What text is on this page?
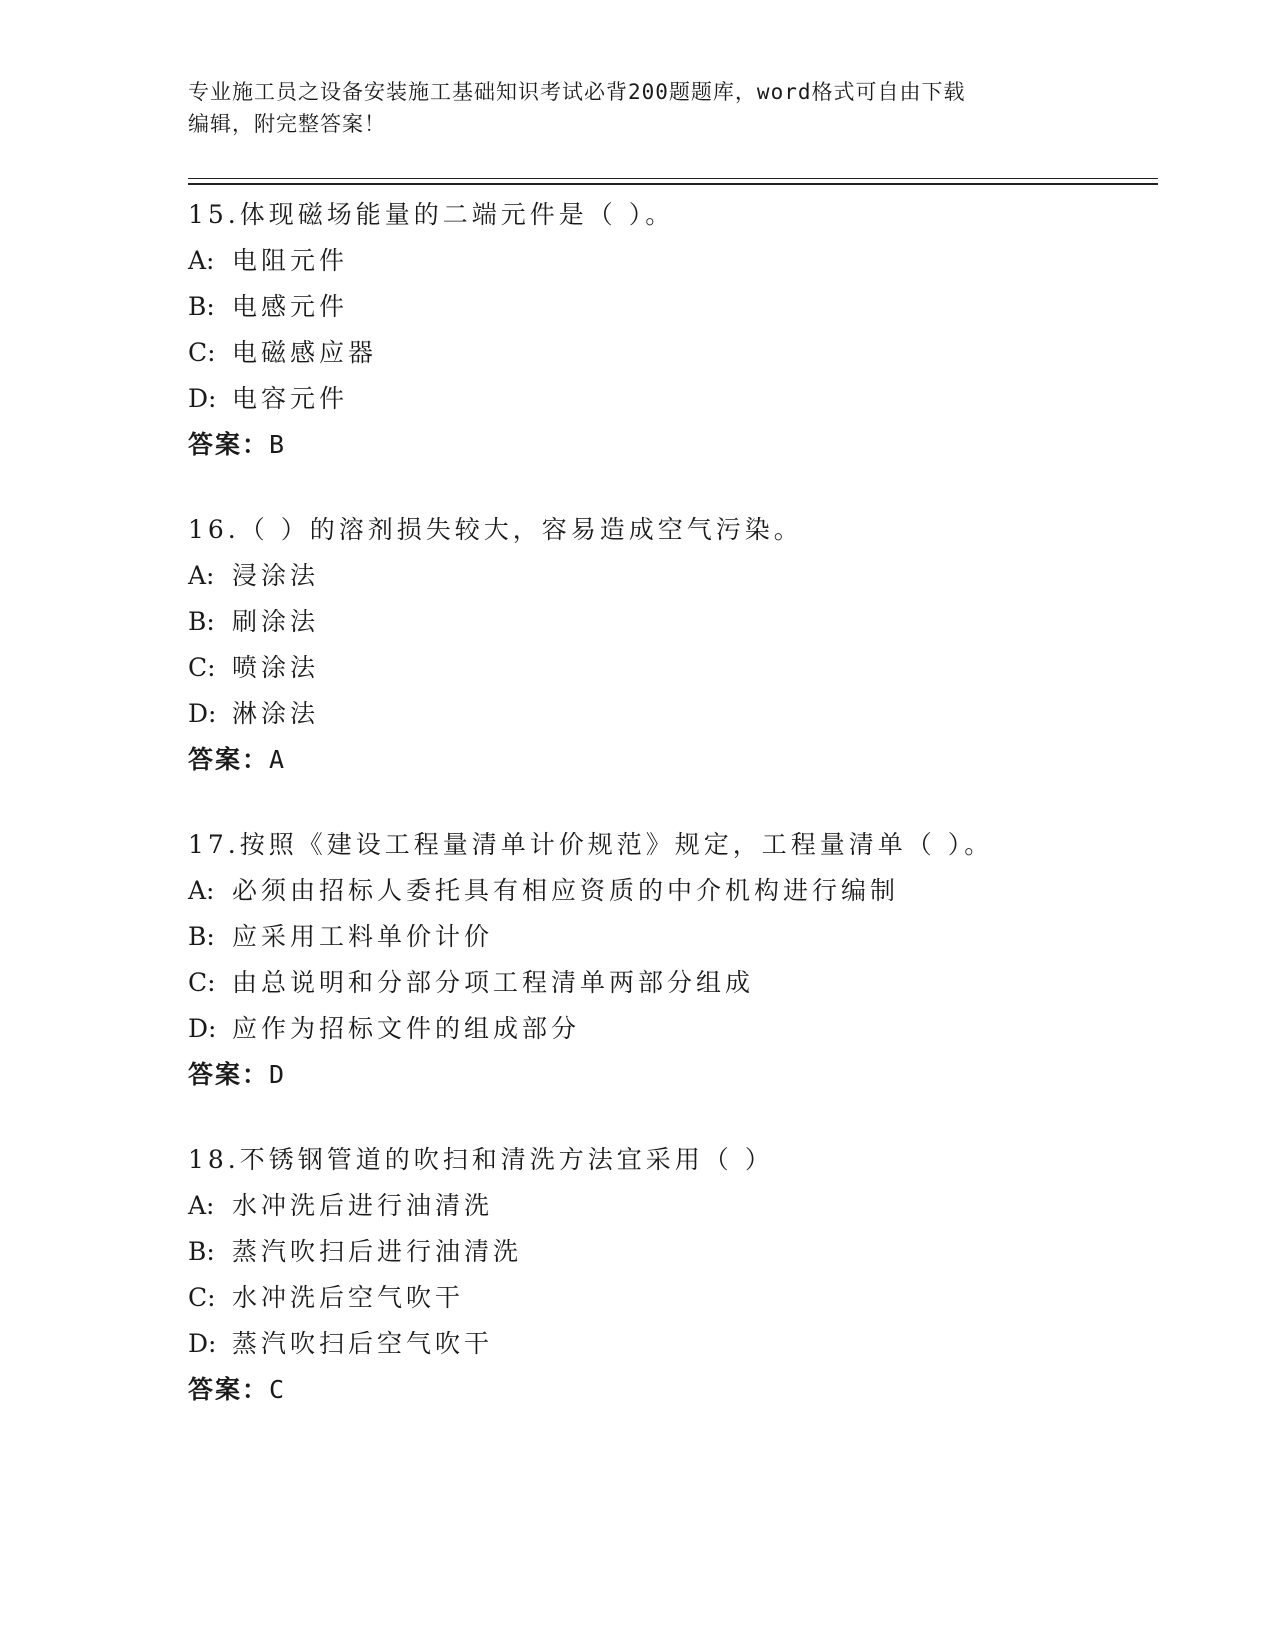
专业施工员之设备安装施工基础知识考试必背200题题库，word格式可自由下载
编辑，附完整答案！
15.体现磁场能量的二端元件是（ ）。
A: 电阻元件
B: 电感元件
C: 电磁感应器
D: 电容元件
答案：B
16.（ ）的溶剂损失较大，容易造成空气污染。
A: 浸涂法
B: 刷涂法
C: 喷涂法
D: 淋涂法
答案：A
17.按照《建设工程量清单计价规范》规定，工程量清单（ ）。
A: 必须由招标人委托具有相应资质的中介机构进行编制
B: 应采用工料单价计价
C: 由总说明和分部分项工程清单两部分组成
D: 应作为招标文件的组成部分
答案：D
18.不锈钢管道的吹扫和清洗方法宜采用（ ）
A: 水冲洗后进行油清洗
B: 蒸汽吹扫后进行油清洗
C: 水冲洗后空气吹干
D: 蒸汽吹扫后空气吹干
答案：C
